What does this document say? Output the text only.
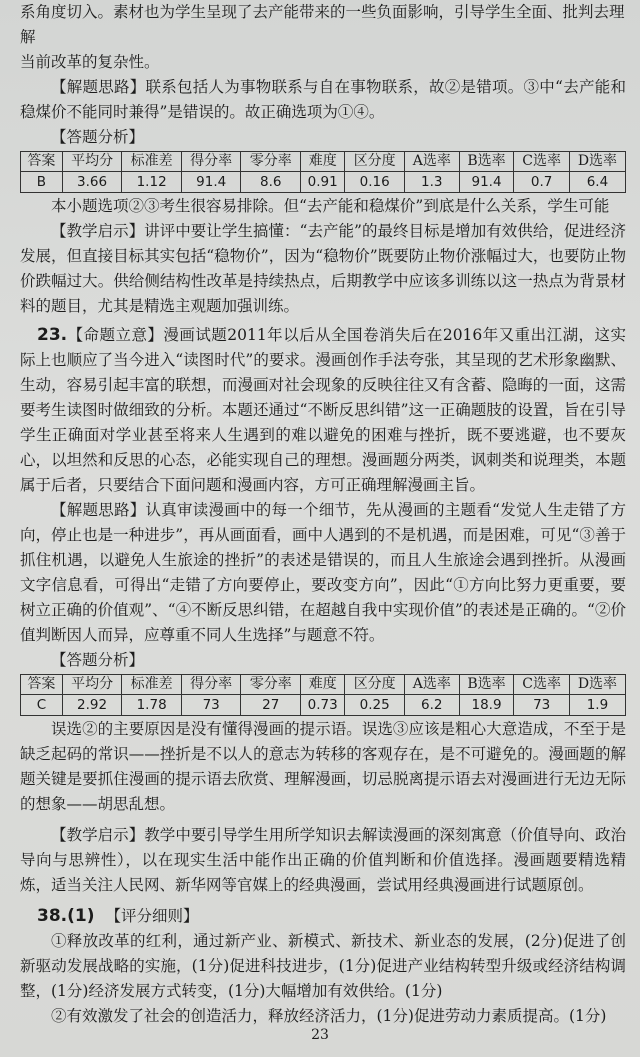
系角度切入。素材也为学生呈现了去产能带来的一些负面影响，引导学生全面、批判去理解

当前改革的复杂性。

【解题思路】联系包括人为事物联系与自在事物联系，故②是错项。③中“去产能和稳煤价不能同时兼得”是错误的。故正确选项为①④。

【答题分析】

答案	平均分	标准差	得分率	零分率	难度	区分度	A选率	B选率	C选率	D选率
B	3.66	1.12	91.4	8.6	0.91	0.16	1.3	91.4	0.7	6.4

本小题选项②③考生很容易排除。但“去产能和稳煤价”到底是什么关系，学生可能

【教学启示】讲评中要让学生搞懂：“去产能”的最终目标是增加有效供给，促进经济发展，但直接目标其实包括“稳物价”，因为“稳物价”既要防止物价涨幅过大，也要防止物价跌幅过大。供给侧结构性改革是持续热点，后期教学中应该多训练以这一热点为背景材料的题目，尤其是精选主观题加强训练。

23.【命题立意】漫画试题2011年以后从全国卷消失后在2016年又重出江湖，这实际上也顺应了当今进入“读图时代”的要求。漫画创作手法夸张，其呈现的艺术形象幽默、生动，容易引起丰富的联想，而漫画对社会现象的反映往往又有含蓄、隐晦的一面，这需要考生读图时做细致的分析。本题还通过“不断反思纠错”这一正确题肢的设置，旨在引导学生正确面对学业甚至将来人生遇到的难以避免的困难与挫折，既不要逃避，也不要灰心，以坦然和反思的心态，必能实现自己的理想。漫画题分两类，讽刺类和说理类，本题属于后者，只要结合下面问题和漫画内容，方可正确理解漫画主旨。

【解题思路】认真审读漫画中的每一个细节，先从漫画的主题看“发觉人生走错了方向，停止也是一种进步”，再从画面看，画中人遇到的不是机遇，而是困难，可见“③善于抓住机遇，以避免人生旅途的挫折”的表述是错误的，而且人生旅途会遇到挫折。从漫画文字信息看，可得出“走错了方向要停止，要改变方向”，因此“①方向比努力更重要，要树立正确的价值观”、“④不断反思纠错，在超越自我中实现价值”的表述是正确的。“②价值判断因人而异，应尊重不同人生选择”与题意不符。

【答题分析】

答案	平均分	标准差	得分率	零分率	难度	区分度	A选率	B选率	C选率	D选率
C	2.92	1.78	73	27	0.73	0.25	6.2	18.9	73	1.9

误选②的主要原因是没有懂得漫画的提示语。误选③应该是粗心大意造成，不至于是缺乏起码的常识——挫折是不以人的意志为转移的客观存在，是不可避免的。漫画题的解题关键是要抓住漫画的提示语去欣赏、理解漫画，切忌脱离提示语去对漫画进行无边无际的想象——胡思乱想。

【教学启示】教学中要引导学生用所学知识去解读漫画的深刻寓意（价值导向、政治导向与思辨性），以在现实生活中能作出正确的价值判断和价值选择。漫画题要精选精炼，适当关注人民网、新华网等官媒上的经典漫画，尝试用经典漫画进行试题原创。

38.(1) 【评分细则】

①释放改革的红利，通过新产业、新模式、新技术、新业态的发展，(2分)促进了创新驱动发展战略的实施，(1分)促进科技进步，(1分)促进产业结构转型升级或经济结构调整，(1分)经济发展方式转变，(1分)大幅增加有效供给。(1分)

②有效激发了社会的创造活力，释放经济活力，(1分)促进劳动力素质提高。(1分)

23
